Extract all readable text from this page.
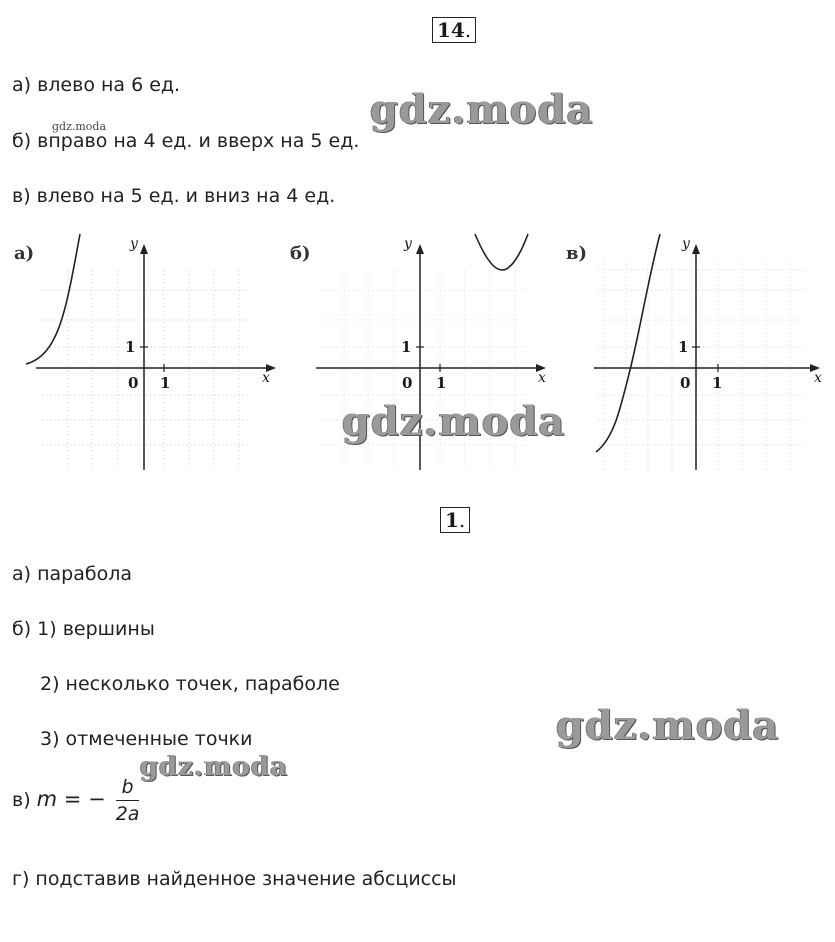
14.
а) влево на 6 ед.
б) вправо на 4 ед. и вверх на 5 ед.
в) влево на 5 ед. и вниз на 4 ед.
gdz.moda
gdz.moda
а)	y
x
0 1
1
б)	y
x
0 1
1
в)	y
x
0 1
1
gdz.moda
1.
а) парабола
б) 1) вершины
2) несколько точек, параболе
3) отмеченные точки	gdz.moda
gdz.moda
в) m = − $\frac{b}{2a}$
г) подставив найденное значение абсциссы
